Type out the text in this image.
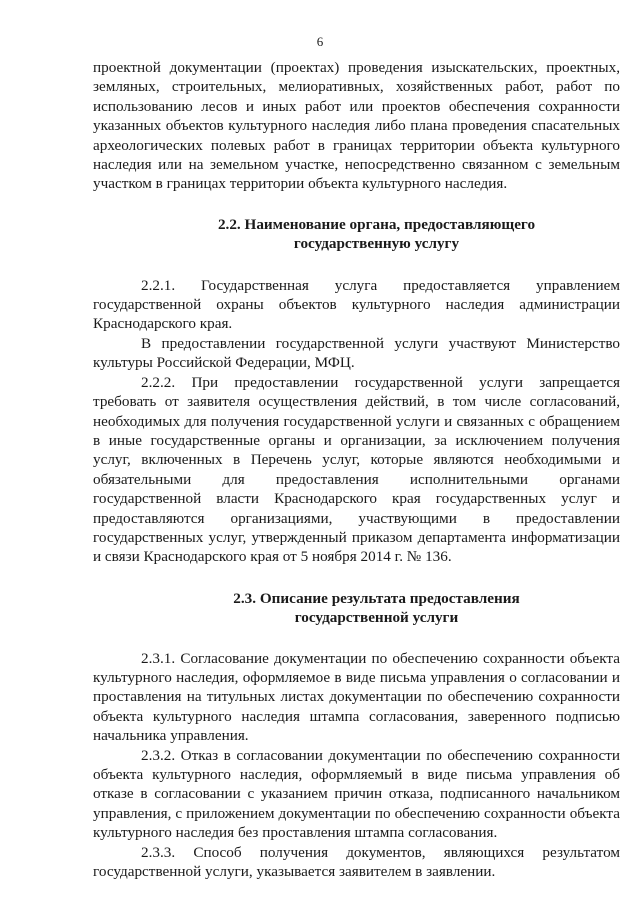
6

проектной документации (проектах) проведения изыскательских, проектных, земляных, строительных, мелиоративных, хозяйственных работ, работ по использованию лесов и иных работ или проектов обеспечения сохранности указанных объектов культурного наследия либо плана проведения спасательных археологических полевых работ в границах территории объекта культурного наследия или на земельном участке, непосредственно связанном с земельным участком в границах территории объекта культурного наследия.

2.2. Наименование органа, предоставляющего
государственную услугу

2.2.1. Государственная услуга предоставляется управлением государственной охраны объектов культурного наследия администрации Краснодарского края.

В предоставлении государственной услуги участвуют Министерство культуры Российской Федерации, МФЦ.

2.2.2. При предоставлении государственной услуги запрещается требовать от заявителя осуществления действий, в том числе согласований, необходимых для получения государственной услуги и связанных с обращением в иные государственные органы и организации, за исключением получения услуг, включенных в Перечень услуг, которые являются необходимыми и обязательными для предоставления исполнительными органами государственной власти Краснодарского края государственных услуг и предоставляются организациями, участвующими в предоставлении государственных услуг, утвержденный приказом департамента информатизации и связи Краснодарского края от 5 ноября 2014 г. № 136.

2.3. Описание результата предоставления
государственной услуги

2.3.1. Согласование документации по обеспечению сохранности объекта культурного наследия, оформляемое в виде письма управления о согласовании и проставления на титульных листах документации по обеспечению сохранности объекта культурного наследия штампа согласования, заверенного подписью начальника управления.

2.3.2. Отказ в согласовании документации по обеспечению сохранности объекта культурного наследия, оформляемый в виде письма управления об отказе в согласовании с указанием причин отказа, подписанного начальником управления, с приложением документации по обеспечению сохранности объекта культурного наследия без проставления штампа согласования.

2.3.3. Способ получения документов, являющихся результатом государственной услуги, указывается заявителем в заявлении.
